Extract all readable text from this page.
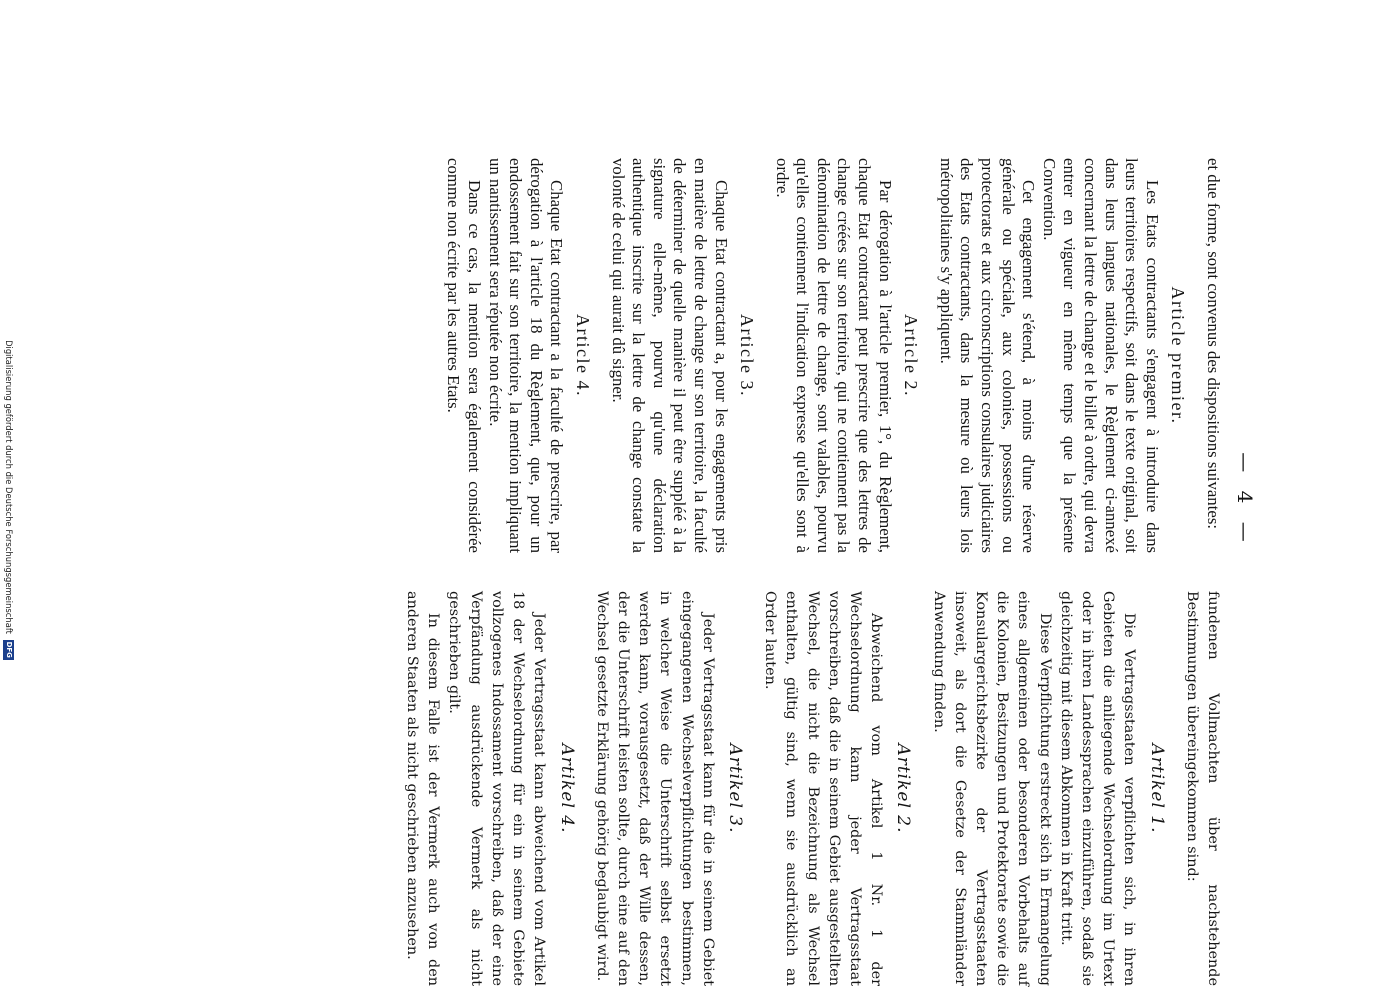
— 4 —

et due forme, sont convenus des dispositions suivantes:

Article premier.

Les Etats contractants s'engagent à introduire dans leurs territoires respectifs, soit dans le texte original, soit dans leurs langues nationales, le Règlement ci-annexé concernant la lettre de change et le billet à ordre, qui devra entrer en vigueur en même temps que la présente Convention.

Cet engagement s'étend, à moins d'une réserve générale ou spéciale, aux colonies, possessions ou protectorats et aux circonscriptions consulaires judiciaires des Etats contractants, dans la mesure où leurs lois métropolitaines s'y appliquent.

Article 2.

Par dérogation à l'article premier, 1°, du Règlement, chaque Etat contractant peut prescrire que des lettres de change créées sur son territoire, qui ne contiennent pas la dénomination de lettre de change, sont valables, pourvu qu'elles contiennent l'indication expresse qu'elles sont à ordre.

Article 3.

Chaque Etat contractant a, pour les engagements pris en matière de lettre de change sur son territoire, la faculté de déterminer de quelle manière il peut être suppléé à la signature elle-même, pourvu qu'une déclaration authentique inscrite sur la lettre de change constate la volonté de celui qui aurait dû signer.

Article 4.

Chaque Etat contractant a la faculté de prescrire, par dérogation à l'article 18 du Règlement, que, pour un endossement fait sur son territoire, la mention impliquant un nantissement sera réputée non écrite.

Dans ce cas, la mention sera également considérée comme non écrite par les autres Etats.

fundenen Vollmachten über nachstehende Bestimmungen übereingekommen sind:

Artikel 1.

Die Vertragsstaaten verpflichten sich, in ihren Gebieten die anliegende Wechselordnung im Urtext oder in ihren Landessprachen einzuführen, sodaß sie gleichzeitig mit diesem Abkommen in Kraft tritt.

Diese Verpflichtung erstreckt sich in Ermangelung eines allgemeinen oder besonderen Vorbehalts auf die Kolonien, Besitzungen und Protektorate sowie die Konsulargerichtsbezirke der Vertragsstaaten insoweit, als dort die Gesetze der Stammländer Anwendung finden.

Artikel 2.

Abweichend vom Artikel 1 Nr. 1 der Wechselordnung kann jeder Vertragsstaat vorschreiben, daß die in seinem Gebiet ausgestellten Wechsel, die nicht die Bezeichnung als Wechsel enthalten, gültig sind, wenn sie ausdrücklich an Order lauten.

Artikel 3.

Jeder Vertragsstaat kann für die in seinem Gebiet eingegangenen Wechselverpflichtungen bestimmen, in welcher Weise die Unterschrift selbst ersetzt werden kann, vorausgesetzt, daß der Wille dessen, der die Unterschrift leisten sollte, durch eine auf den Wechsel gesetzte Erklärung gehörig beglaubigt wird.

Artikel 4.

Jeder Vertragsstaat kann abweichend vom Artikel 18 der Wechselordnung für ein in seinem Gebiete vollzogenes Indossament vorschreiben, daß der eine Verpfändung ausdrückende Vermerk als nicht geschrieben gilt.

In diesem Falle ist der Vermerk auch von den anderen Staaten als nicht geschrieben anzusehen.

Digitalisierung gefördert durch die Deutsche Forschungsgemeinschaft DFG
